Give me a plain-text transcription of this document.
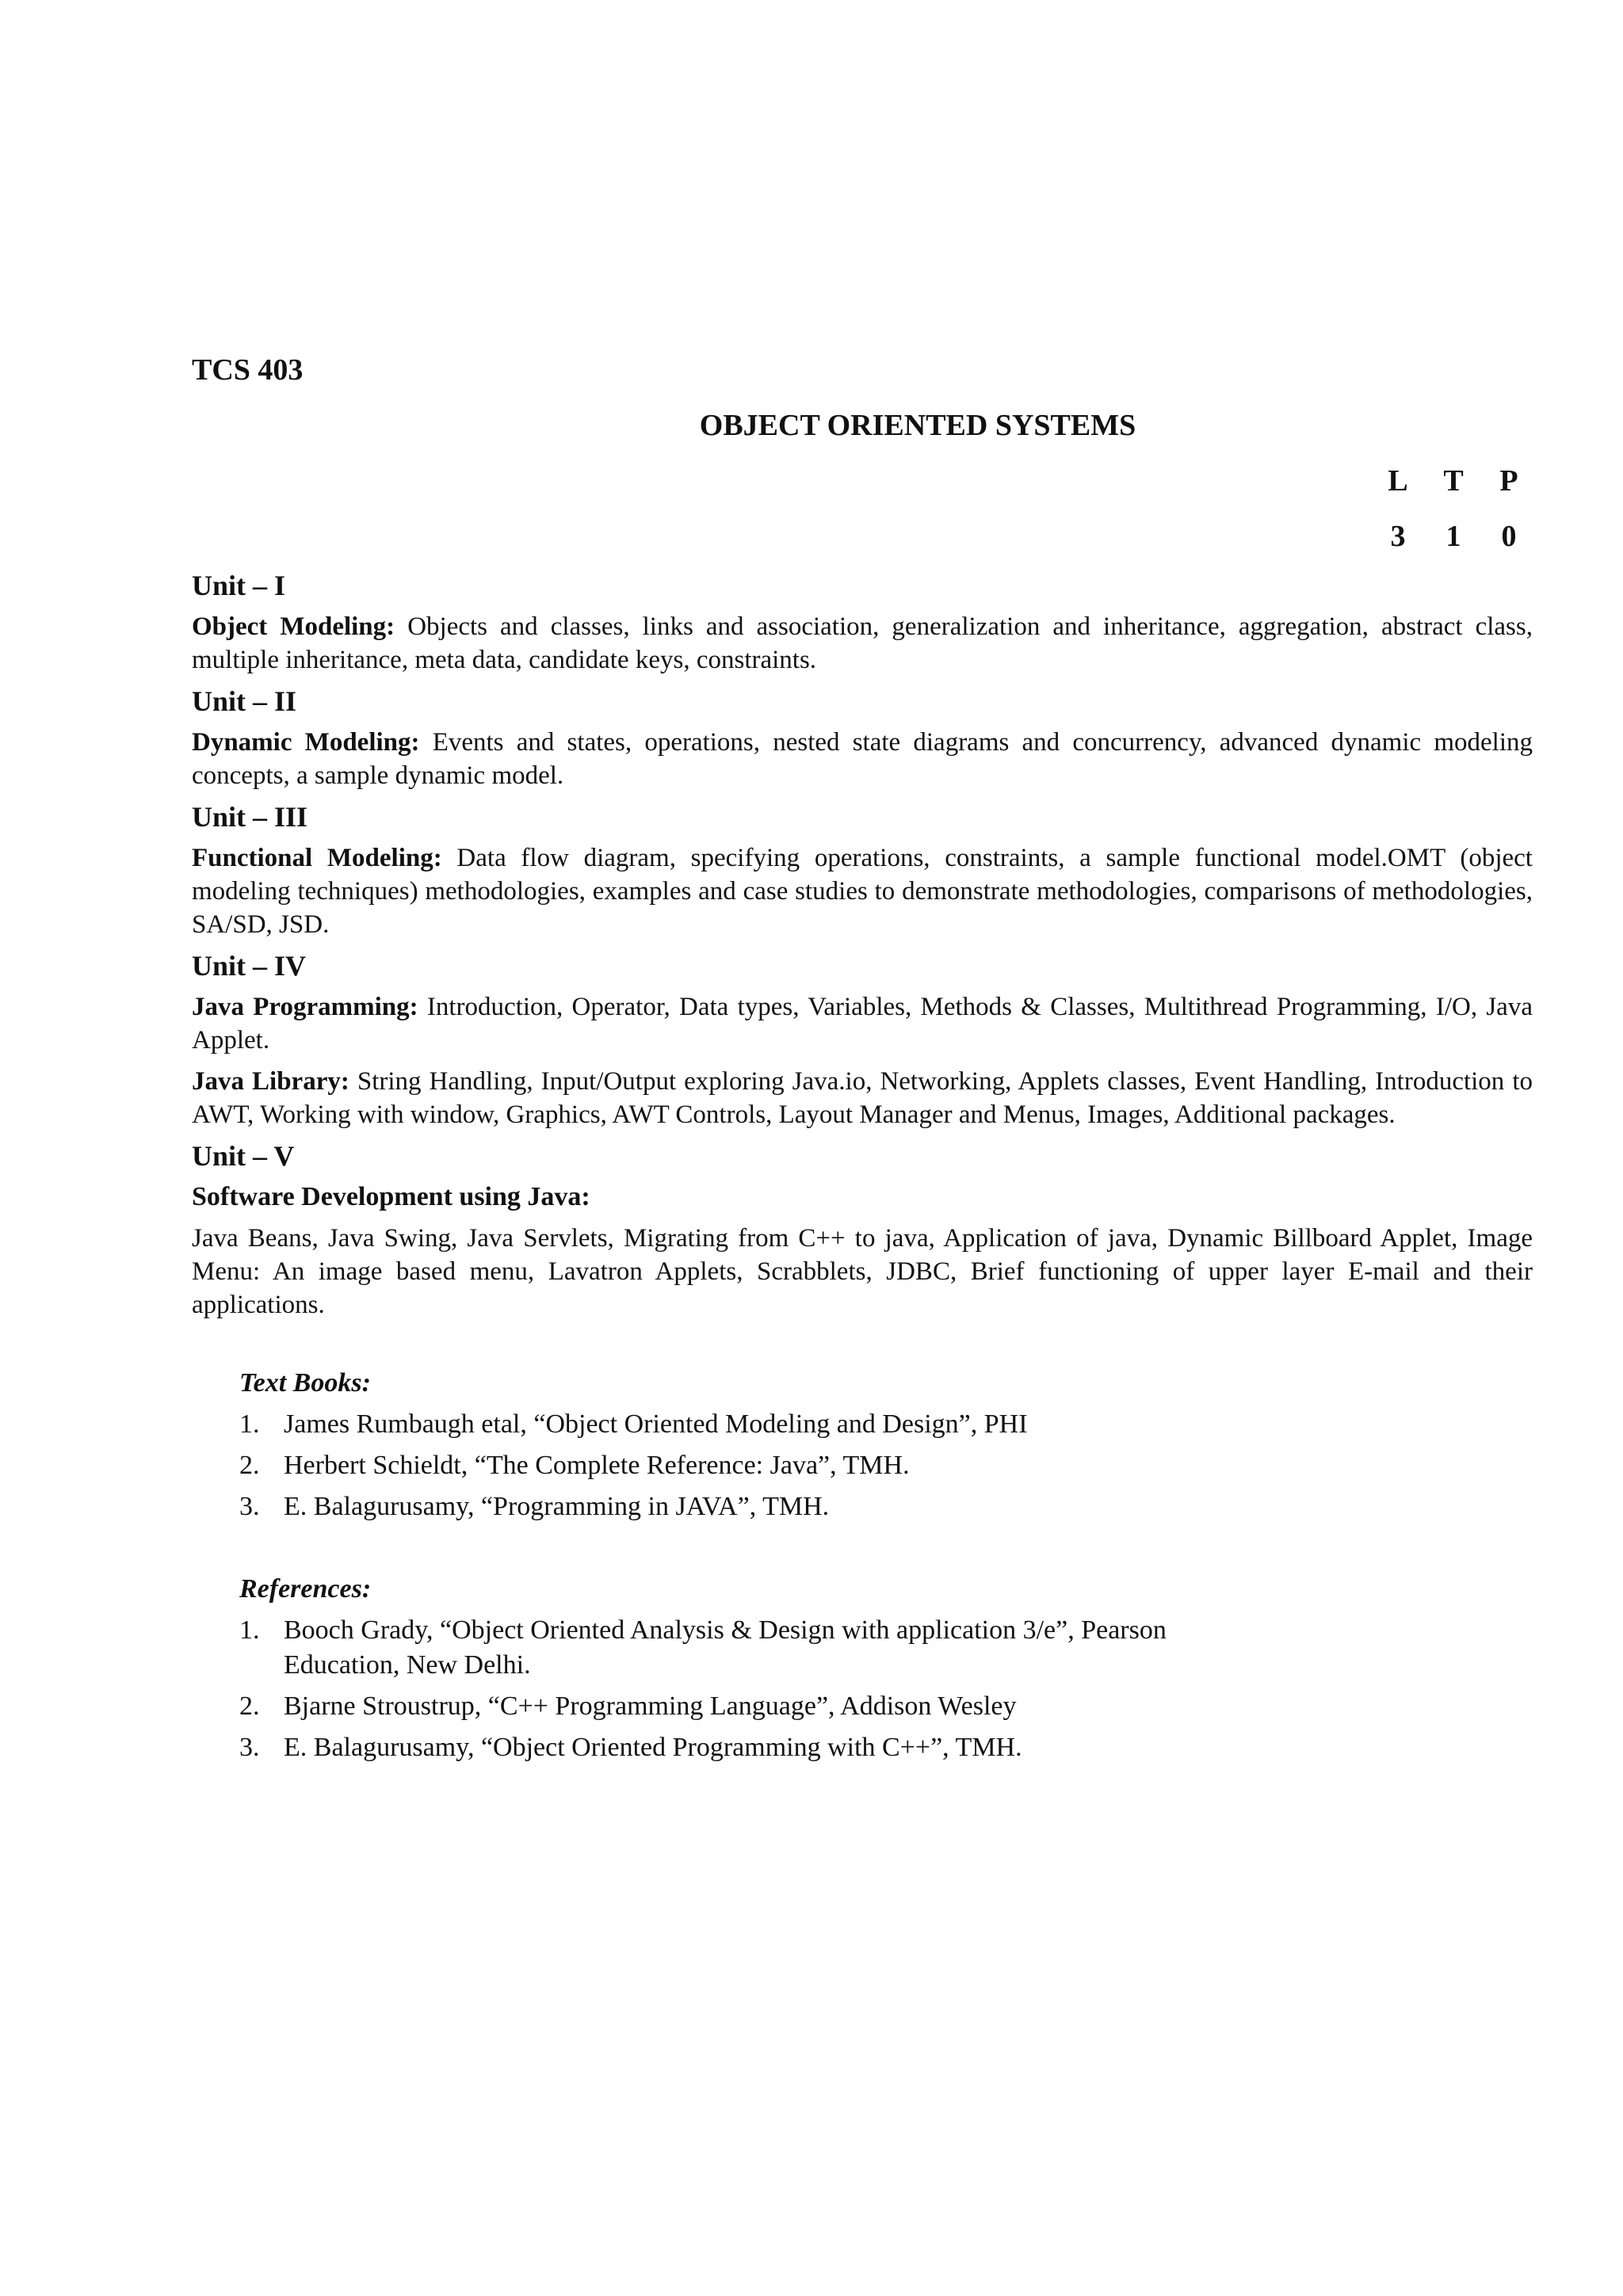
TCS 403

OBJECT ORIENTED SYSTEMS

L	T	P
3	1	0

Unit – I

Object Modeling: Objects and classes, links and association, generalization and inheritance, aggregation, abstract class, multiple inheritance, meta data, candidate keys, constraints.

Unit – II

Dynamic Modeling: Events and states, operations, nested state diagrams and concurrency, advanced dynamic modeling concepts, a sample dynamic model.

Unit – III

Functional Modeling: Data flow diagram, specifying operations, constraints, a sample functional model.OMT (object modeling techniques) methodologies, examples and case studies to demonstrate methodologies, comparisons of methodologies, SA/SD, JSD.

Unit – IV

Java Programming: Introduction, Operator, Data types, Variables, Methods & Classes, Multithread Programming, I/O, Java Applet.

Java Library: String Handling, Input/Output exploring Java.io, Networking, Applets classes, Event Handling, Introduction to AWT, Working with window, Graphics, AWT Controls, Layout Manager and Menus, Images, Additional packages.

Unit – V

Software Development using Java:

Java Beans, Java Swing, Java Servlets, Migrating from C++ to java, Application of java, Dynamic Billboard Applet, Image Menu: An image based menu, Lavatron Applets, Scrabblets, JDBC, Brief functioning of upper layer E-mail and their applications.

Text Books:

1. James Rumbaugh etal, “Object Oriented Modeling and Design”, PHI
2. Herbert Schieldt, “The Complete Reference: Java”, TMH.
3. E. Balagurusamy, “Programming in JAVA”, TMH.

References:

1. Booch Grady, “Object Oriented Analysis & Design with application 3/e”, Pearson Education, New Delhi.
2. Bjarne Stroustrup, “C++ Programming Language”, Addison Wesley
3. E. Balagurusamy, “Object Oriented Programming with C++”, TMH.
